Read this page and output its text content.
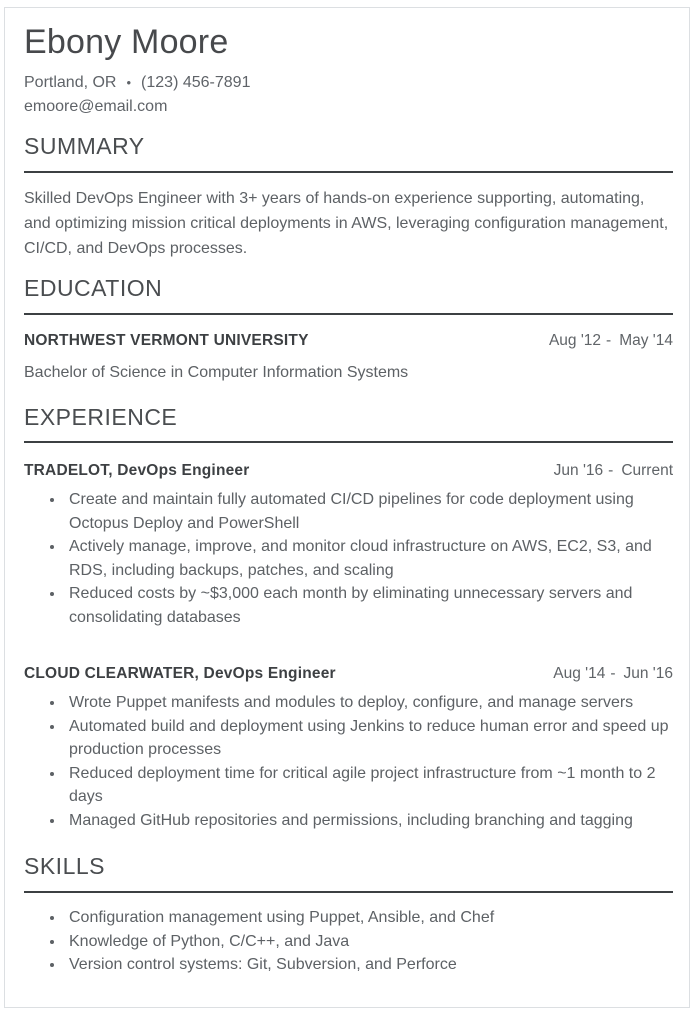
Ebony Moore
Portland, OR • (123) 456-7891
emoore@email.com
SUMMARY

Skilled DevOps Engineer with 3+ years of hands-on experience supporting, automating, and optimizing mission critical deployments in AWS, leveraging configuration management, CI/CD, and DevOps processes.

EDUCATION
NORTHWEST VERMONT UNIVERSITY	Aug '12 - May '14
Bachelor of Science in Computer Information Systems
EXPERIENCE
TRADELOT, DevOps Engineer	Jun '16 - Current
• Create and maintain fully automated CI/CD pipelines for code deployment using Octopus Deploy and PowerShell
• Actively manage, improve, and monitor cloud infrastructure on AWS, EC2, S3, and RDS, including backups, patches, and scaling
• Reduced costs by ~$3,000 each month by eliminating unnecessary servers and consolidating databases
CLOUD CLEARWATER, DevOps Engineer	Aug '14 - Jun '16
• Wrote Puppet manifests and modules to deploy, configure, and manage servers
• Automated build and deployment using Jenkins to reduce human error and speed up production processes
• Reduced deployment time for critical agile project infrastructure from ~1 month to 2 days
• Managed GitHub repositories and permissions, including branching and tagging
SKILLS
• Configuration management using Puppet, Ansible, and Chef
• Knowledge of Python, C/C++, and Java
• Version control systems: Git, Subversion, and Perforce
